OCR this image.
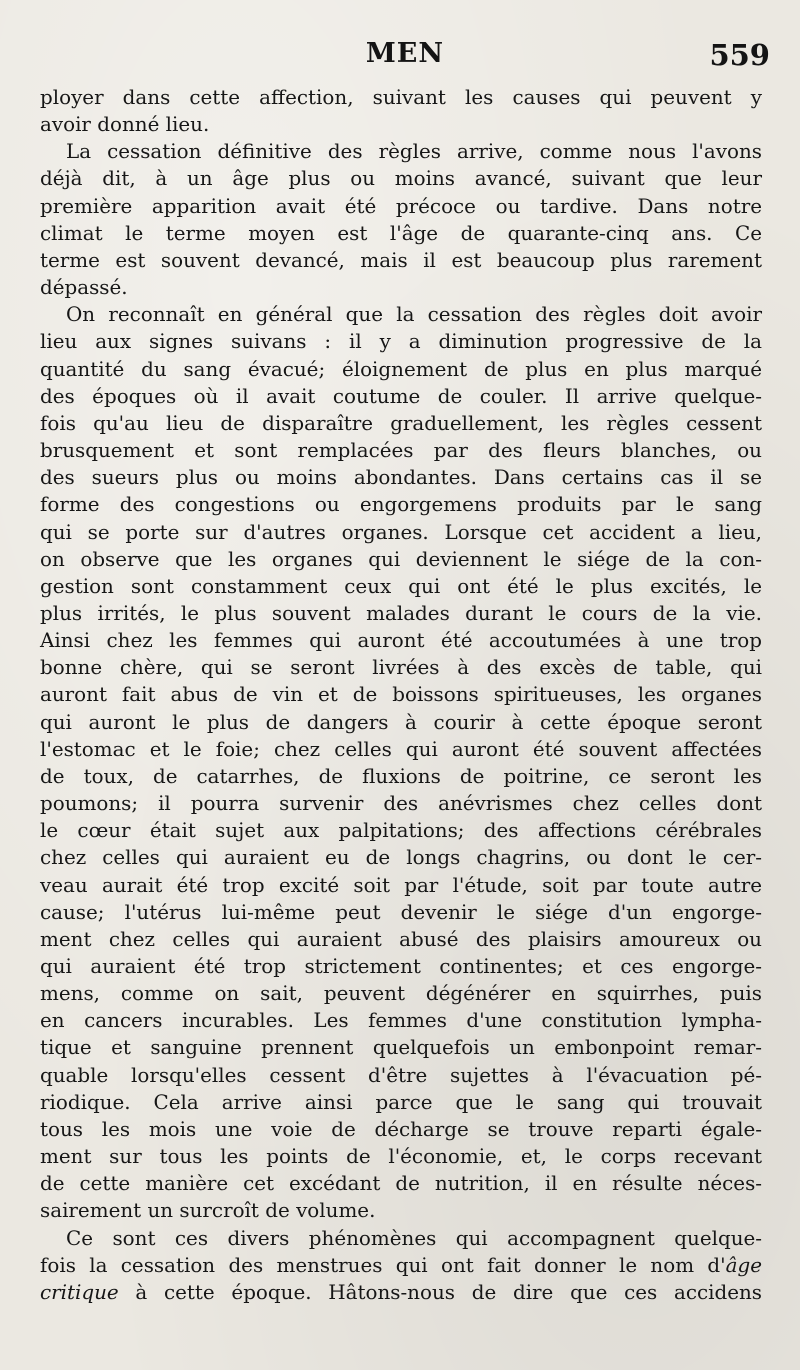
MEN	559

ployer dans cette affection, suivant les causes qui peuvent y
avoir donné lieu.

La cessation définitive des règles arrive, comme nous l'avons
déjà dit, à un âge plus ou moins avancé, suivant que leur
première apparition avait été précoce ou tardive. Dans notre
climat le terme moyen est l'âge de quarante-cinq ans. Ce
terme est souvent devancé, mais il est beaucoup plus rarement
dépassé.

On reconnaît en général que la cessation des règles doit avoir
lieu aux signes suivans : il y a diminution progressive de la
quantité du sang évacué; éloignement de plus en plus marqué
des époques où il avait coutume de couler. Il arrive quelque-
fois qu'au lieu de disparaître graduellement, les règles cessent
brusquement et sont remplacées par des fleurs blanches, ou
des sueurs plus ou moins abondantes. Dans certains cas il se
forme des congestions ou engorgemens produits par le sang
qui se porte sur d'autres organes. Lorsque cet accident a lieu,
on observe que les organes qui deviennent le siége de la con-
gestion sont constamment ceux qui ont été le plus excités, le
plus irrités, le plus souvent malades durant le cours de la vie.
Ainsi chez les femmes qui auront été accoutumées à une trop
bonne chère, qui se seront livrées à des excès de table, qui
auront fait abus de vin et de boissons spiritueuses, les organes
qui auront le plus de dangers à courir à cette époque seront
l'estomac et le foie; chez celles qui auront été souvent affectées
de toux, de catarrhes, de fluxions de poitrine, ce seront les
poumons; il pourra survenir des anévrismes chez celles dont
le cœur était sujet aux palpitations; des affections cérébrales
chez celles qui auraient eu de longs chagrins, ou dont le cer-
veau aurait été trop excité soit par l'étude, soit par toute autre
cause; l'utérus lui-même peut devenir le siége d'un engorge-
ment chez celles qui auraient abusé des plaisirs amoureux ou
qui auraient été trop strictement continentes; et ces engorge-
mens, comme on sait, peuvent dégénérer en squirrhes, puis
en cancers incurables. Les femmes d'une constitution lympha-
tique et sanguine prennent quelquefois un embonpoint remar-
quable lorsqu'elles cessent d'être sujettes à l'évacuation pé-
riodique. Cela arrive ainsi parce que le sang qui trouvait
tous les mois une voie de décharge se trouve reparti égale-
ment sur tous les points de l'économie, et, le corps recevant
de cette manière cet excédant de nutrition, il en résulte néces-
sairement un surcroît de volume.

Ce sont ces divers phénomènes qui accompagnent quelque-
fois la cessation des menstrues qui ont fait donner le nom d'âge
critique à cette époque. Hâtons-nous de dire que ces accidens
